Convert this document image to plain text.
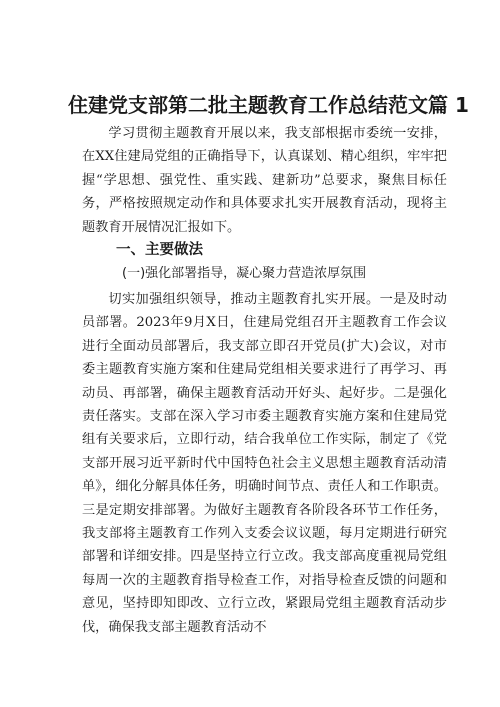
住建党支部第二批主题教育工作总结范文篇 1

学习贯彻主题教育开展以来，我支部根据市委统一安排，在XX住建局党组的正确指导下，认真谋划、精心组织，牢牢把握“学思想、强党性、重实践、建新功”总要求，聚焦目标任务，严格按照规定动作和具体要求扎实开展教育活动，现将主题教育开展情况汇报如下。

一、主要做法
(一)强化部署指导，凝心聚力营造浓厚氛围

切实加强组织领导，推动主题教育扎实开展。一是及时动员部署。2023年9月X日，住建局党组召开主题教育工作会议进行全面动员部署后，我支部立即召开党员(扩大)会议，对市委主题教育实施方案和住建局党组相关要求进行了再学习、再动员、再部署，确保主题教育活动开好头、起好步。二是强化责任落实。支部在深入学习市委主题教育实施方案和住建局党组有关要求后，立即行动，结合我单位工作实际，制定了《党支部开展习近平新时代中国特色社会主义思想主题教育活动清单》，细化分解具体任务，明确时间节点、责任人和工作职责。三是定期安排部署。为做好主题教育各阶段各环节工作任务，我支部将主题教育工作列入支委会议议题，每月定期进行研究部署和详细安排。四是坚持立行立改。我支部高度重视局党组每周一次的主题教育指导检查工作，对指导检查反馈的问题和意见，坚持即知即改、立行立改，紧跟局党组主题教育活动步伐，确保我支部主题教育活动不
